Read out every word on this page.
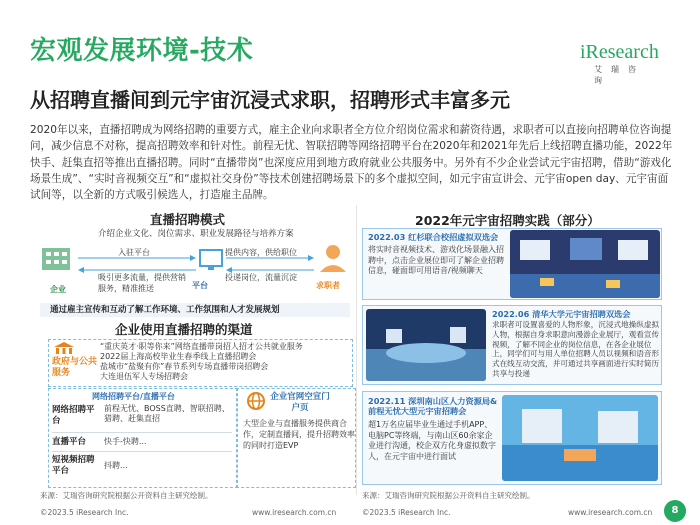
宏观发展环境-技术	iResearch
艾瑞咨询
从招聘直播间到元宇宙沉浸式求职，招聘形式丰富多元
2020年以来，直播招聘成为网络招聘的重要方式，雇主企业向求职者全方位介绍岗位需求和薪资待遇，求职者可以直接向招聘单位咨询提问，减少信息不对称，提高招聘效率和针对性。前程无忧、智联招聘等网络招聘平台在2020年和2021年先后上线招聘直播功能，2022年快手、赶集直招等推出直播招聘。同时“直播带岗”也深度应用到地方政府就业公共服务中。另外有不少企业尝试元宇宙招聘，借助“游戏化场景生成”、“实时音视频交互”和“虚拟社交身份”等技术创建招聘场景下的多个虚拟空间，如元宇宙宣讲会、元宇宙open day、元宇宙面试间等，以全新的方式吸引候选人，打造雇主品牌。
直播招聘模式
介绍企业文化、岗位需求、职业发展路径与培养方案
入驻平台	提供内容，供给职位
吸引更多流量，提供营销服务，精准推送
投递岗位，流量沉淀
企业	平台	求职者
通过雇主宣传和互动了解工作环境、工作氛围和人才发展规划
企业使用直播招聘的渠道
政府与公共服务
“重庆英才·职等你来”网络直播带岗招人招才公共就业服务
2022届上海高校毕业生春季线上直播招聘会
盐城市“盐聚有你”春节系列专场直播带岗招聘会
大连退伍军人专场招聘会
网络招聘平台/直播平台
网络招聘平台
前程无忧、BOSS直聘、智联招聘、猎聘、赶集直招
直播平台 快手-快聘...
短视频招聘平台
抖聘...
企业官网空宣门户页
大型企业与直播服务提供商合作，定制直播间，提升招聘效率的同时打造EVP
来源：艾瑞咨询研究院根据公开资料自主研究绘制。
©2023.5 iResearch Inc.	www.iresearch.com.cn
2022年元宇宙招聘实践（部分）
2022.03 红杉联合校招虚拟双选会
将实时音视频技术、游戏化场景融入招聘中，点击企业展位即可了解企业招聘信息，碰面即可用语音/视频聊天
2022.06 清华大学元宇宙招聘双选会
求职者可设置喜爱的人物形象，沉浸式地操纵虚拟人物，根据自身求职意向漫游企业展厅，观看宣传视频，了解不同企业的岗位信息，在各企业展位上，同学们可与用人单位招聘人员以视频和语音形式在线互动交流，并可通过共享画面进行实时简历共享与投递
2022.11 深圳南山区人力资源局&前程无忧大型元宇宙招聘会
超1万名应届毕业生通过手机APP、电脑PC等终端，与南山区60余家企业进行沟通，校企双方化身虚拟数字人，在元宇宙中进行面试
来源：艾瑞咨询研究院根据公开资料自主研究绘制。
©2023.5 iResearch Inc.	www.iresearch.com.cn	8
